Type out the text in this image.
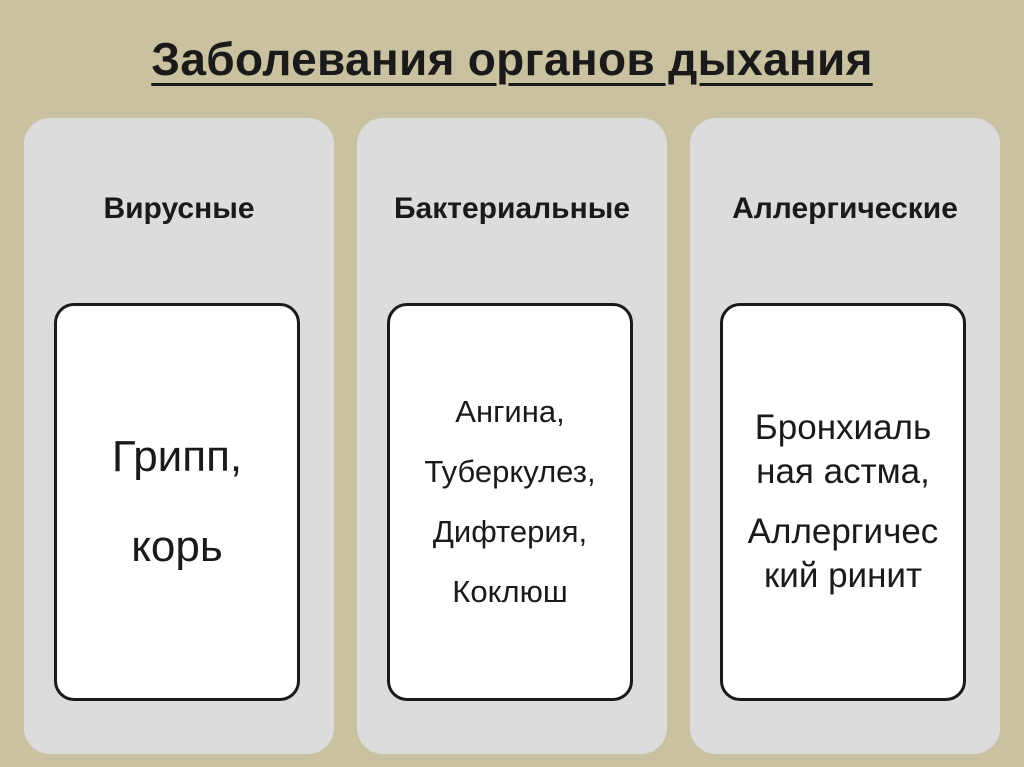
Заболевания органов дыхания
Вирусные
Грипп,
корь
Бактериальные
Ангина,
Туберкулез,
Дифтерия,
Коклюш
Аллергические
Бронхиаль
ная астма,
Аллергичес
кий ринит
